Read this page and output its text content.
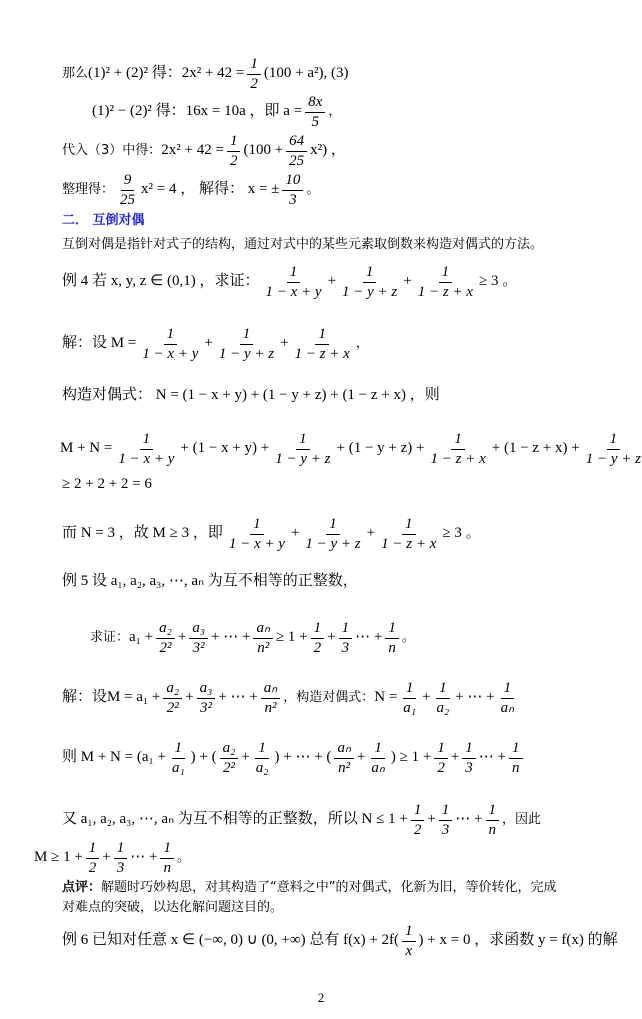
那么 (1)² + (2)² 得：$2x^2 + 42 = \frac{1}{2} (100 + a^2)$, (3)
(1)² − (2)² 得：16x = 10a ，即 $a = \frac{8x}{5}$ ，
代入（3）中得： $2x^2 + 42 = \frac{1}{2} (100 + \frac{64}{25} x^2)$ ，
整理得： $\frac{9}{25} x^2 = 4$ ， 解得： x = ± $\frac{10}{3}$ 。
二． 互倒对偶
互倒对偶是指针对式子的结构，通过对式中的某些元素取倒数来构造对偶式的方法。
例 4 若 x, y, z ∈ (0,1) ，求证： $\frac{1}{1 - x + y} + \frac{1}{1 - y + z} + \frac{1}{1 - z + x} \ge 3$ 。
解：设 $M = \frac{1}{1 - x + y} + \frac{1}{1 - y + z} + \frac{1}{1 - z + x}$ ，
构造对偶式： N = (1 − x + y) + (1 − y + z) + (1 − z + x) ，则
$M + N = \frac{1}{1 - x + y} + (1 - x + y) + \frac{1}{1 - y + z} + (1 - y + z) + \frac{1}{1 - z + x} + (1 - z + x) + \frac{1}{1 - y + z}$
≥ 2 + 2 + 2 = 6
而 N = 3 ，故 M ≥ 3 ，即 $\frac{1}{1 - x + y} + \frac{1}{1 - y + z} + \frac{1}{1 - z + x} \ge 3$ 。
例 5 设 a₁, a₂, a₃, ⋯, aₙ 为互不相等的正整数，
求证： $a_1 + \frac{\text{a₂}}{\text{2²}} + \frac{\text{a₃}}{\text{3²}}$ + ⋯ + $\frac{\text{aₙ}}{\text{n²}} \ge 1 + \frac{1}{2} + \frac{1}{3}$ ⋯ + $\frac{1}{n}$ 。
解：设$M = a_1 + \frac{\text{a₂}}{\text{2²}} + \frac{\text{a₃}}{\text{3²}}$ + ⋯ + $\frac{\text{aₙ}}{\text{n²}}$ ，构造对偶式： $N = \frac{1}{\text{a₁}} + \frac{1}{\text{a₂}}$ + ⋯ + $\frac{1}{\text{aₙ}}$
则 $M + N = (a_1 + \frac{1}{\text{a₁}}$ ) + ( $\frac{\text{a₂}}{\text{2²}} + \frac{1}{\text{a₂}}$ ) + ⋯ + ( $\frac{\text{aₙ}}{\text{n²}} + \frac{1}{\text{aₙ}}$ ) ≥ $1 + \frac{1}{2} + \frac{1}{3}$ ⋯ + $\frac{1}{n}$
又 a₁, a₂, a₃, ⋯, aₙ 为互不相等的正整数，所以 $N \le 1 + \frac{1}{2} + \frac{1}{3}$ ⋯ + $\frac{1}{n}$ ，因此
$M \ge 1 + \frac{1}{2} + \frac{1}{3}$ ⋯ + $\frac{1}{n}$ 。
点评： 解题时巧妙构思，对其构造了“意料之中”的对偶式，化新为旧，等价转化，完成
对难点的突破，以达化解问题这目的。
例 6 已知对任意 x ∈ (−∞, 0) ∪ (0, +∞) 总有 $f(x) + 2f( \frac{1}{x}$ ) + x = 0 ，求函数 y = f(x) 的解
2
